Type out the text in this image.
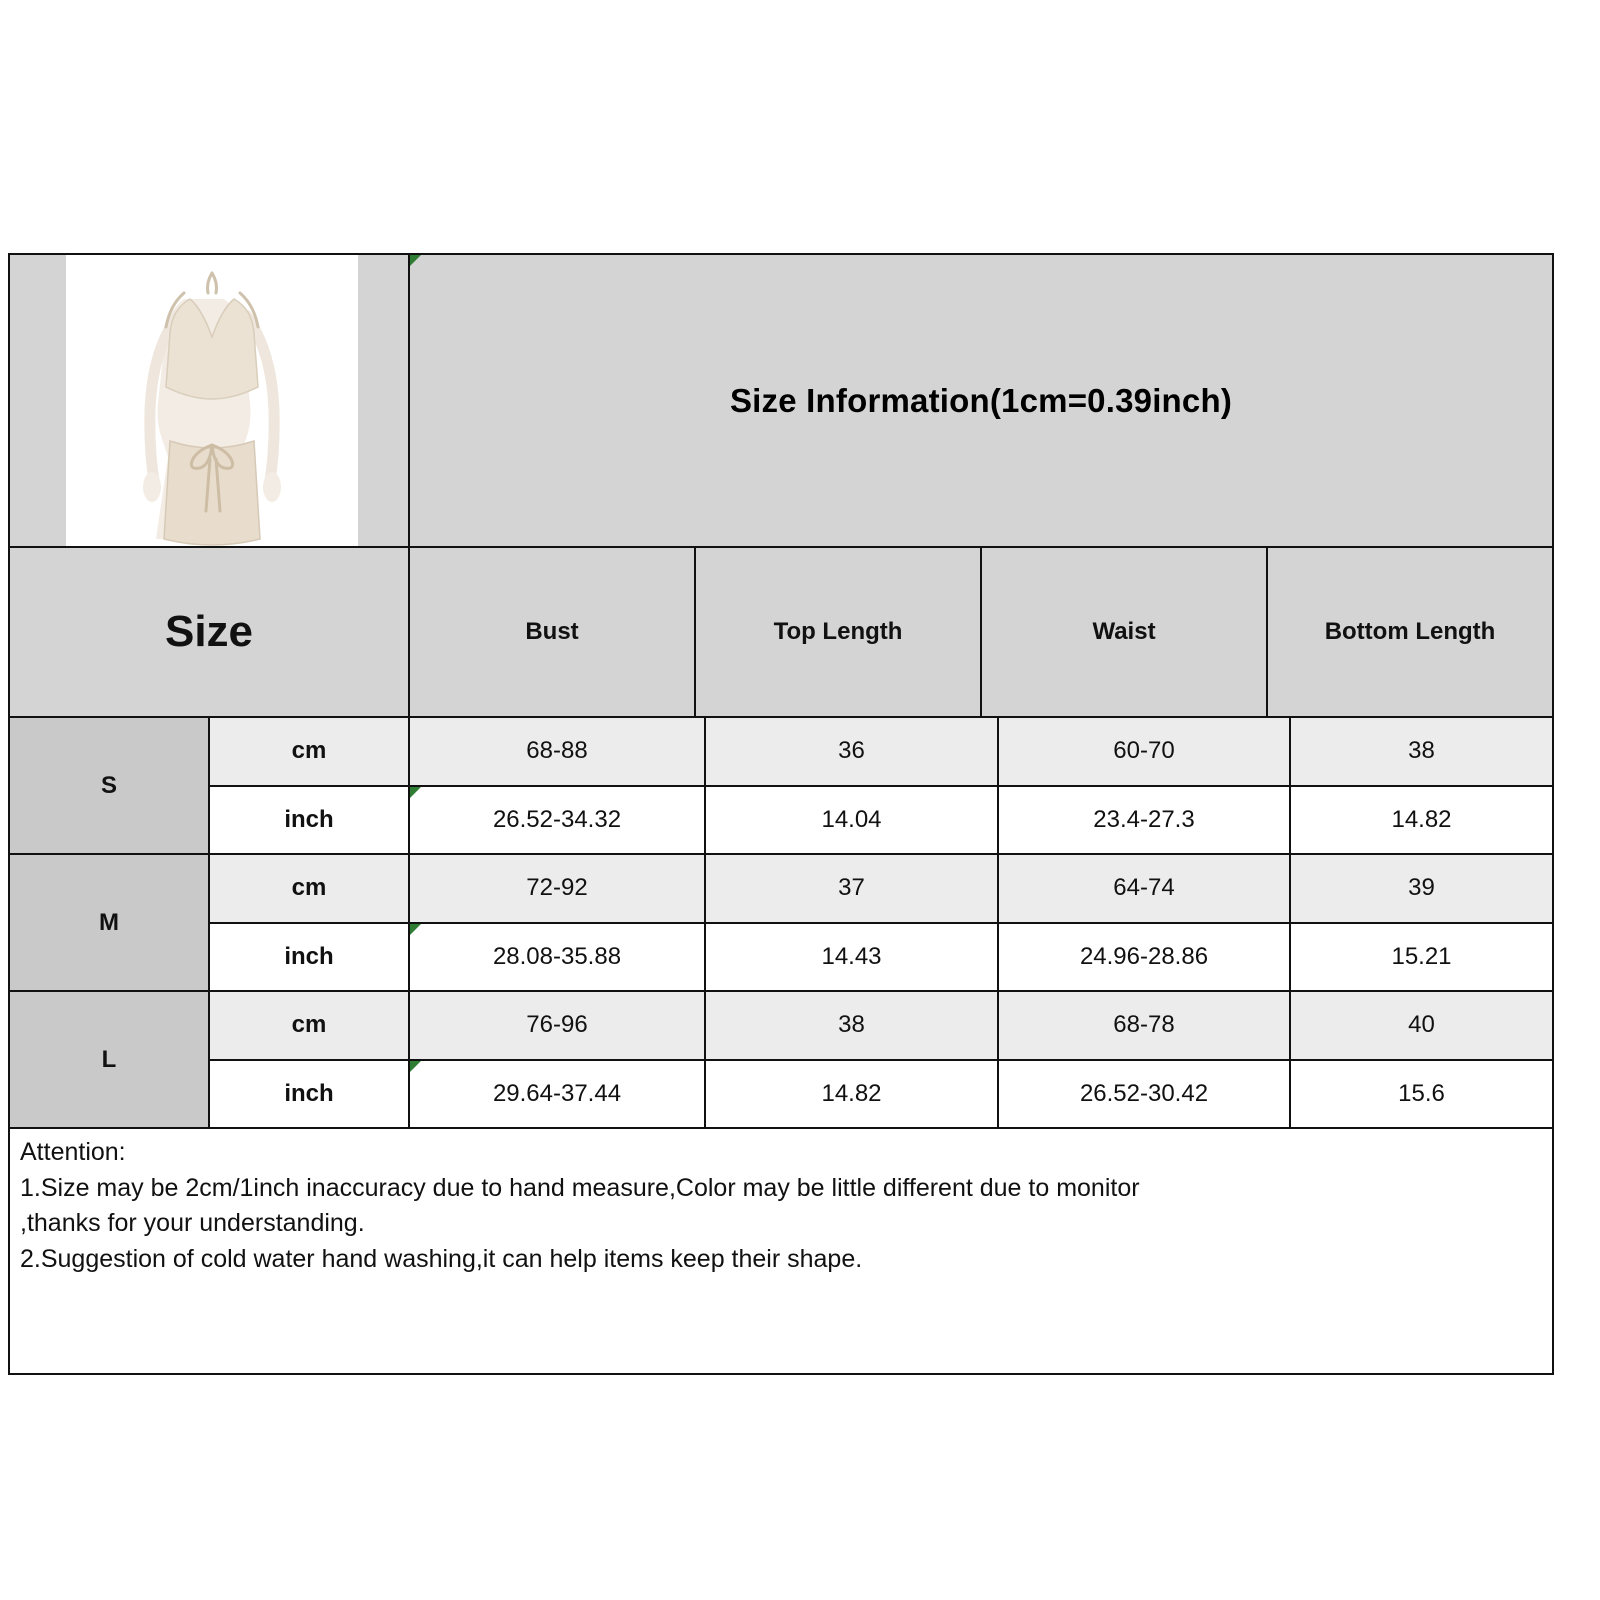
Size Information(1cm=0.39inch)
Size	Bust	Top Length	Waist	Bottom Length
S
cm	68-88	36	60-70	38
inch	26.52-34.32	14.04	23.4-27.3	14.82
M
cm	72-92	37	64-74	39
inch	28.08-35.88	14.43	24.96-28.86	15.21
L
cm	76-96	38	68-78	40
inch	29.64-37.44	14.82	26.52-30.42	15.6
Attention:
1.Size may be 2cm/1inch inaccuracy due to hand measure,Color may be little different due to monitor
,thanks for your understanding.
2.Suggestion of cold water hand washing,it can help items keep their shape.
